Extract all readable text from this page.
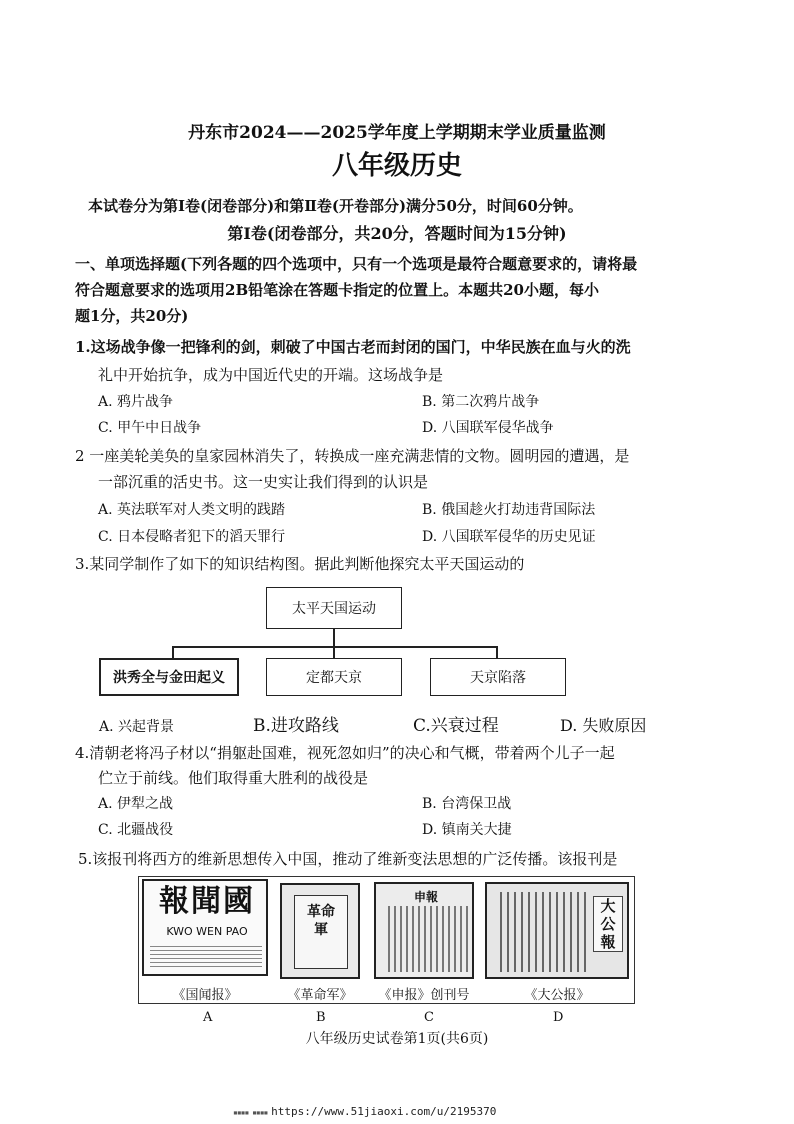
丹东市2024——2025学年度上学期期末学业质量监测
八年级历史
本试卷分为第Ⅰ卷(闭卷部分)和第Ⅱ卷(开卷部分)满分50分，时间60分钟。
第Ⅰ卷(闭卷部分，共20分，答题时间为15分钟)
一、单项选择题(下列各题的四个选项中，只有一个选项是最符合题意要求的，请将最
符合题意要求的选项用2B铅笔涂在答题卡指定的位置上。本题共20小题，每小
题1分，共20分)
1.这场战争像一把锋利的剑，刺破了中国古老而封闭的国门，中华民族在血与火的洗
礼中开始抗争，成为中国近代史的开端。这场战争是
A. 鸦片战争	B. 第二次鸦片战争
C. 甲午中日战争	D. 八国联军侵华战争
2 一座美轮美奂的皇家园林消失了，转换成一座充满悲情的文物。圆明园的遭遇，是
一部沉重的活史书。这一史实让我们得到的认识是
A. 英法联军对人类文明的践踏	B. 俄国趁火打劫违背国际法
C. 日本侵略者犯下的滔天罪行	D. 八国联军侵华的历史见证
3.某同学制作了如下的知识结构图。据此判断他探究太平天国运动的
太平天国运动
洪秀全与金田起义	定都天京	天京陷落
A. 兴起背景	B.进攻路线	C.兴衰过程	D. 失败原因
4.清朝老将冯子材以“捐躯赴国难，视死忽如归”的决心和气概，带着两个儿子一起
伫立于前线。他们取得重大胜利的战役是
A. 伊犁之战	B. 台湾保卫战
C. 北疆战役	D. 镇南关大捷
5.该报刊将西方的维新思想传入中国，推动了维新变法思想的广泛传播。该报刊是
報聞國
KWO WEN PAO
《国闻报》
革命軍
《革命军》
申報
《申报》创刊号
大公報
《大公报》
A	B	C	D
八年级历史试卷第1页(共6页)
▪▪▪▪ ▪▪▪▪ https://www.51jiaoxi.com/u/2195370
